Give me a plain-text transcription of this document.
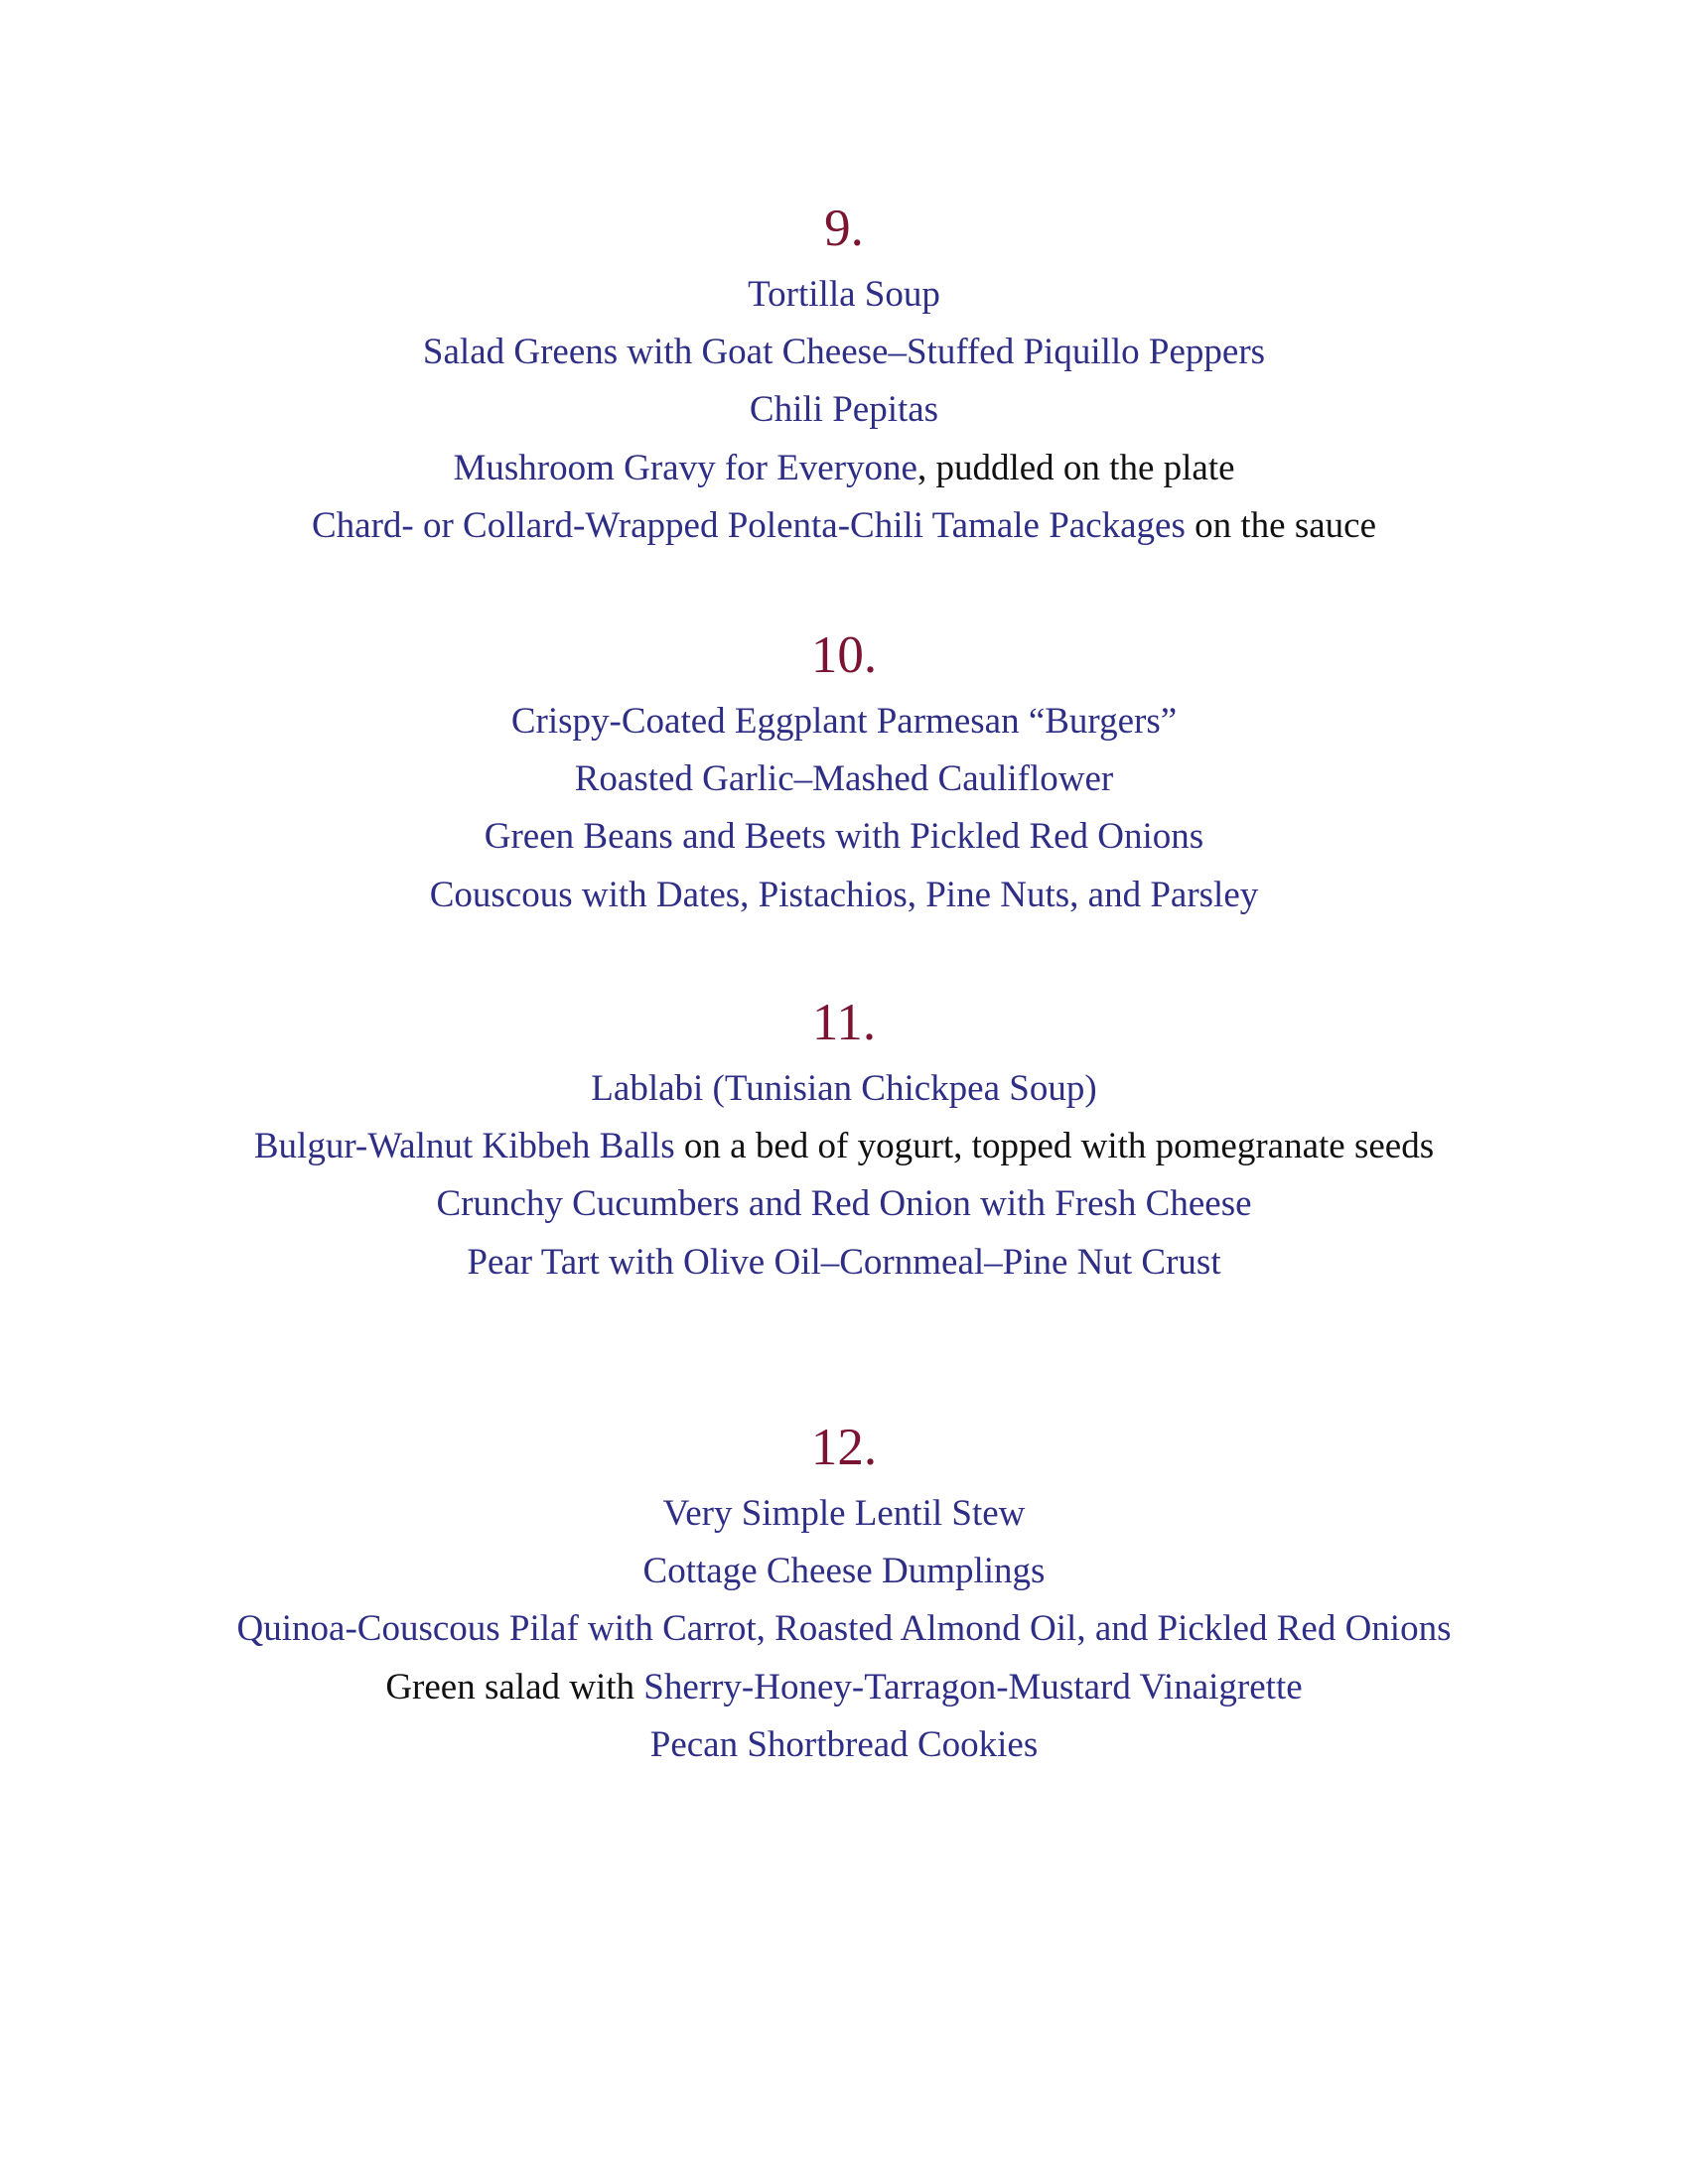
9.

Tortilla Soup

Salad Greens with Goat Cheese–Stuffed Piquillo Peppers

Chili Pepitas

Mushroom Gravy for Everyone, puddled on the plate

Chard- or Collard-Wrapped Polenta-Chili Tamale Packages on the sauce

10.

Crispy-Coated Eggplant Parmesan “Burgers”

Roasted Garlic–Mashed Cauliflower

Green Beans and Beets with Pickled Red Onions

Couscous with Dates, Pistachios, Pine Nuts, and Parsley

11.

Lablabi (Tunisian Chickpea Soup)

Bulgur-Walnut Kibbeh Balls on a bed of yogurt, topped with pomegranate seeds

Crunchy Cucumbers and Red Onion with Fresh Cheese

Pear Tart with Olive Oil–Cornmeal–Pine Nut Crust

12.

Very Simple Lentil Stew

Cottage Cheese Dumplings

Quinoa-Couscous Pilaf with Carrot, Roasted Almond Oil, and Pickled Red Onions

Green salad with Sherry-Honey-Tarragon-Mustard Vinaigrette

Pecan Shortbread Cookies
